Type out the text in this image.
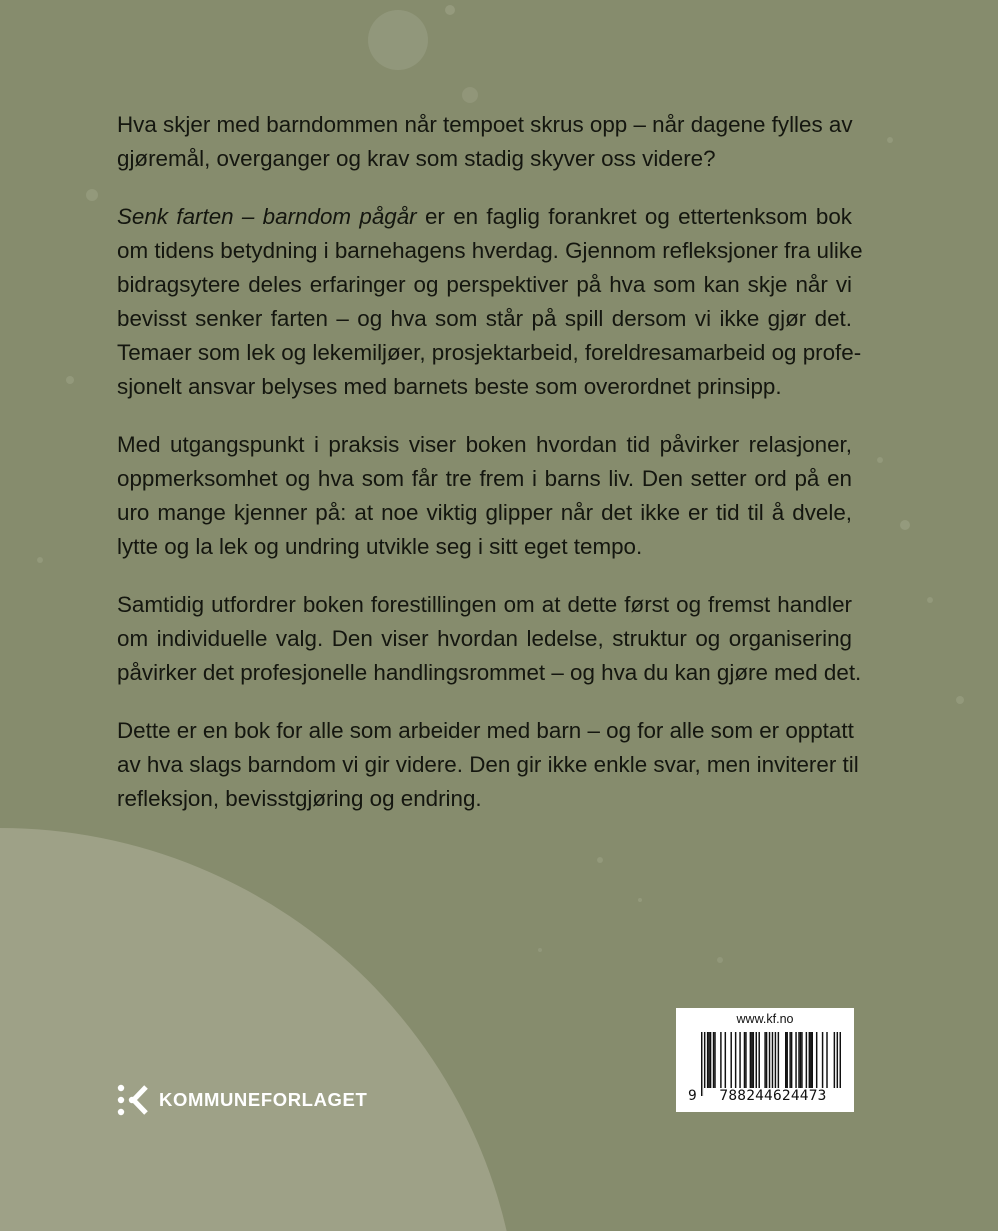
Hva skjer med barndommen når tempoet skrus opp – når dagene fylles av
gjøremål, overganger og krav som stadig skyver oss videre?
Senk farten – barndom pågår er en faglig forankret og ettertenksom bok
om tidens betydning i barnehagens hverdag. Gjennom refleksjoner fra ulike
bidragsytere deles erfaringer og perspektiver på hva som kan skje når vi
bevisst senker farten – og hva som står på spill dersom vi ikke gjør det.
Temaer som lek og lekemiljøer, prosjektarbeid, foreldresamarbeid og profe-
sjonelt ansvar belyses med barnets beste som overordnet prinsipp.
Med utgangspunkt i praksis viser boken hvordan tid påvirker relasjoner,
oppmerksomhet og hva som får tre frem i barns liv. Den setter ord på en
uro mange kjenner på: at noe viktig glipper når det ikke er tid til å dvele,
lytte og la lek og undring utvikle seg i sitt eget tempo.
Samtidig utfordrer boken forestillingen om at dette først og fremst handler
om individuelle valg. Den viser hvordan ledelse, struktur og organisering
påvirker det profesjonelle handlingsrommet – og hva du kan gjøre med det.
Dette er en bok for alle som arbeider med barn – og for alle som er opptatt
av hva slags barndom vi gir videre. Den gir ikke enkle svar, men inviterer til
refleksjon, bevisstgjøring og endring.
KOMMUNEFORLAGET
www.kf.no
9	788244624473
